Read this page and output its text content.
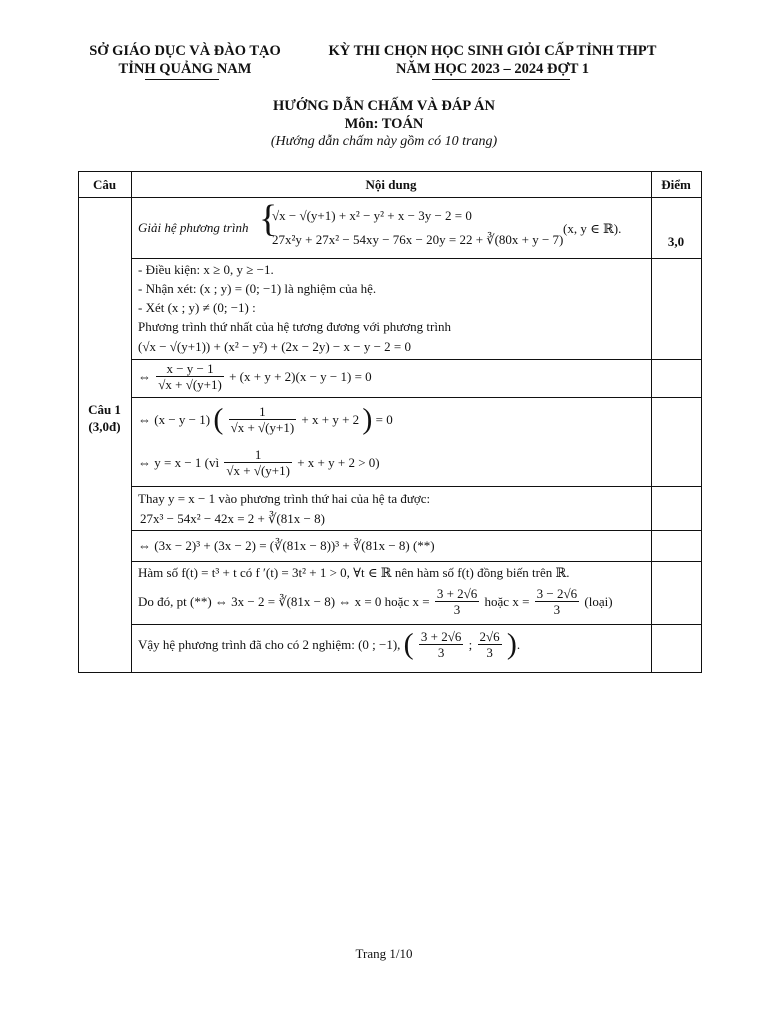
SỞ GIÁO DỤC VÀ ĐÀO TẠO
TỈNH QUẢNG NAM
KỲ THI CHỌN HỌC SINH GIỎI CẤP TỈNH THPT
NĂM HỌC 2023 – 2024 ĐỢT 1
HƯỚNG DẪN CHẤM VÀ ĐÁP ÁN
Môn: TOÁN
(Hướng dẫn chấm này gồm có 10 trang)
Câu	Nội dung	Điểm
Câu 1
(3,0đ)
3,0
Giải hệ phương trình {
√x − √(y+1) + x² − y² + x − 3y − 2 = 0
27x²y + 27x² − 54xy − 76x − 20y = 22 + ∛(80x + y − 7)
(x, y ∈ ℝ).
- Điều kiện: x ≥ 0, y ≥ −1.
- Nhận xét: (x ; y) = (0; −1) là nghiệm của hệ.
- Xét (x ; y) ≠ (0; −1) :
Phương trình thứ nhất của hệ tương đương với phương trình
(√x − √(y+1)) + (x² − y²) + (2x − 2y) − x − y − 2 = 0
⇔ $\frac{x - y - 1}{√x + √(y+1)} + (x + y + 2)(x - y - 1) = 0$
⇔ (x − y − 1) ( $\frac{1}{√x + √(y+1)} + x + y + 2$ ) = 0
⇔ y = x − 1 (vì $\frac{1}{√x + √(y+1)} + x + y + 2 > 0$)
Thay y = x − 1 vào phương trình thứ hai của hệ ta được:
27x³ − 54x² − 42x = 2 + ∛(81x − 8)
⇔ (3x − 2)³ + (3x − 2) = (∛(81x − 8))³ + ∛(81x − 8) (**)
Hàm số f(t) = t³ + t có f ′(t) = 3t² + 1 > 0, ∀t ∈ ℝ nên hàm số f(t) đồng biến trên ℝ.
Do đó, pt (**) ⇔ 3x − 2 = ∛(81x − 8) ⇔ x = 0 hoặc $x = \frac{3 + 2√6}{3}$ hoặc $x = \frac{3 - 2√6}{3}$ (loại)
Vậy hệ phương trình đã cho có 2 nghiệm: (0 ; −1), ( $\frac{3 + 2√6}{3}$ ; $\frac{2√6}{3}$ ).
Trang 1/10
